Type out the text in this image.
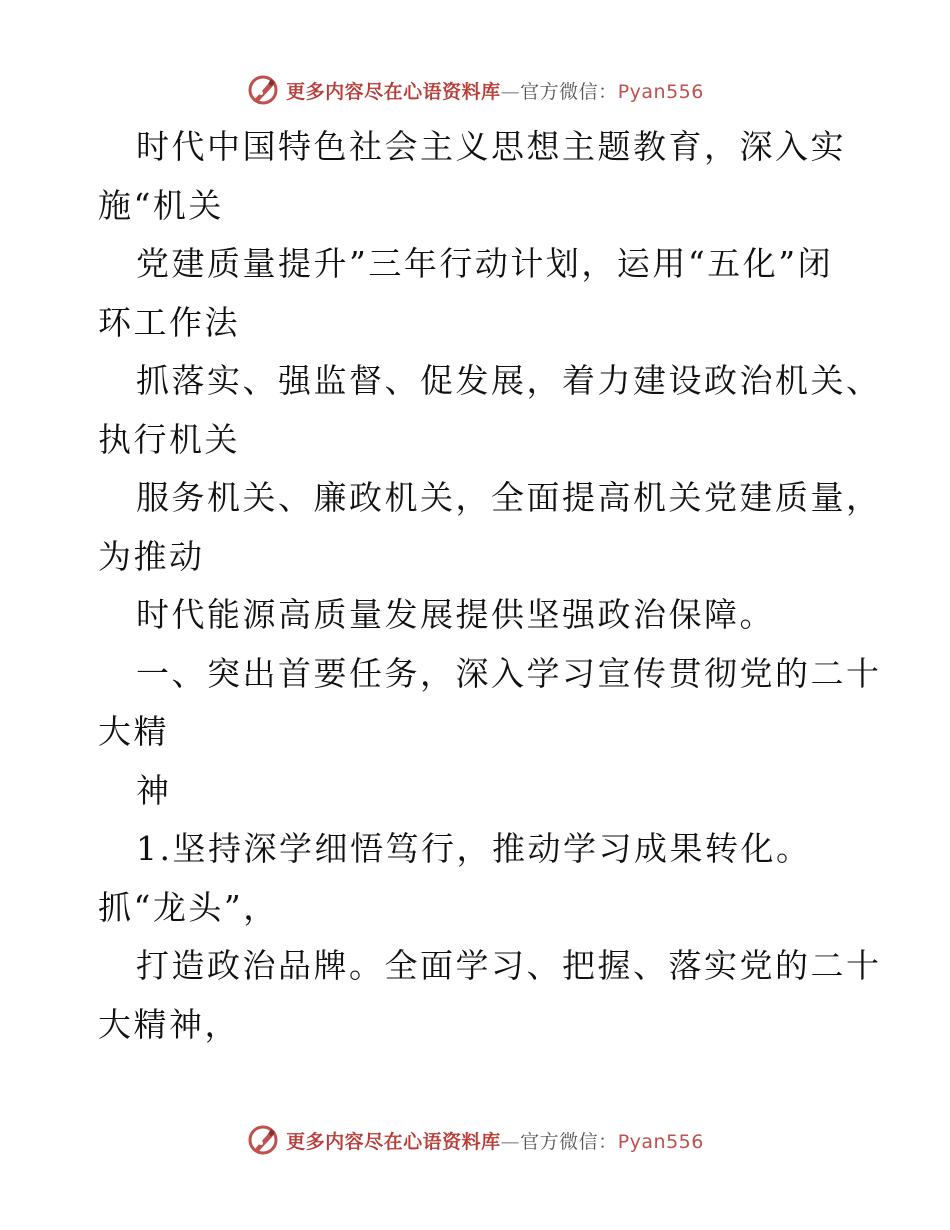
更多内容尽在心语资料库—官方微信：Pyan556
时代中国特色社会主义思想主题教育，深入实
施“机关
党建质量提升”三年行动计划，运用“五化”闭
环工作法
抓落实、强监督、促发展，着力建设政治机关、
执行机关
服务机关、廉政机关，全面提高机关党建质量，
为推动
时代能源高质量发展提供坚强政治保障。
一、突出首要任务，深入学习宣传贯彻党的二十
大精
神
1.坚持深学细悟笃行，推动学习成果转化。
抓“龙头”，
打造政治品牌。全面学习、把握、落实党的二十
大精神，
更多内容尽在心语资料库—官方微信：Pyan556
